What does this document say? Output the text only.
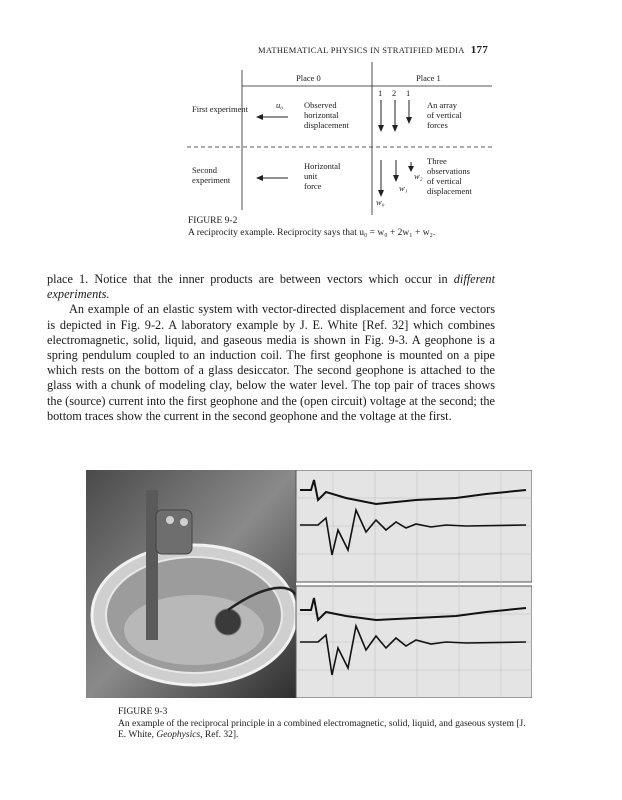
MATHEMATICAL PHYSICS IN STRATIFIED MEDIA 177
Place 0	Place 1
First experiment
Second experiment
u₀ Observed
horizontal
displacement
1 2 1
An array
of vertical
forces
Horizontal
unit
force
w₀
w₁
w₂
Three
observations
of vertical
displacement
FIGURE 9-2
A reciprocity example. Reciprocity says that u₀ = w₀ + 2w₁ + w₂.

place 1. Notice that the inner products are between vectors which occur in different experiments.

An example of an elastic system with vector-directed displacement and force vectors is depicted in Fig. 9-2. A laboratory example by J. E. White [Ref. 32] which combines electromagnetic, solid, liquid, and gaseous media is shown in Fig. 9-3. A geophone is a spring pendulum coupled to an induction coil. The first geophone is mounted on a pipe which rests on the bottom of a glass desiccator. The second geophone is attached to the glass with a chunk of modeling clay, below the water level. The top pair of traces shows the (source) current into the first geophone and the (open circuit) voltage at the second; the bottom traces show the current in the second geophone and the voltage at the first.

FIGURE 9-3
An example of the reciprocal principle in a combined electromagnetic, solid, liquid, and gaseous system [J. E. White, Geophysics, Ref. 32].
